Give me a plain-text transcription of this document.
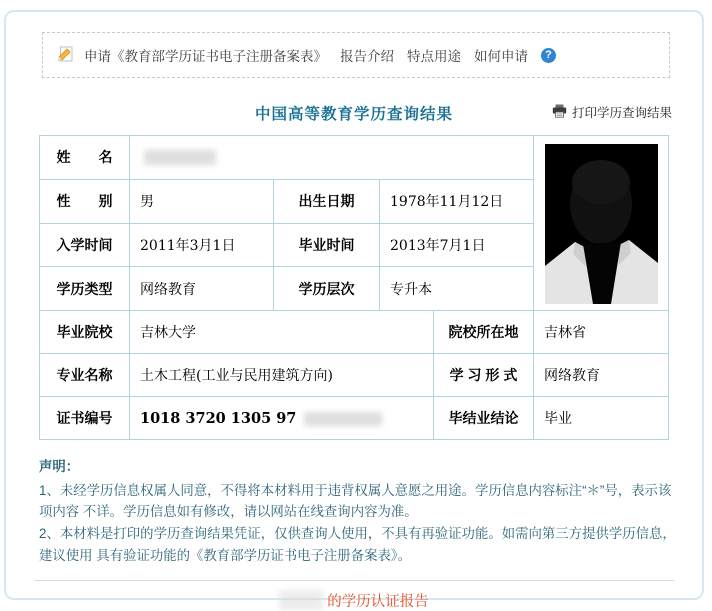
申请《教育部学历证书电子注册备案表》 报告介绍 特点用途 如何申请	?
中国高等教育学历查询结果	打印学历查询结果
姓　　名		
性　　别	男	出生日期	1978年11月12日		
入学时间	2011年3月1日	毕业时间	2013年7月1日		
学历类型	网络教育	学历层次	专升本		
毕业院校	吉林大学			院校所在地	吉林省
专业名称	土木工程(工业与民用建筑方向)			学 习 形 式	网络教育
证书编号	1018 3720 1305 97			毕结业结论	毕业
声明：

1、未经学历信息权属人同意，不得将本材料用于违背权属人意愿之用途。学历信息内容标注“＊”号，表示该项内容 不详。学历信息如有修改，请以网站在线查询内容为准。

2、本材料是打印的学历查询结果凭证，仅供查询人使用，不具有再验证功能。如需向第三方提供学历信息，建议使用 具有验证功能的《教育部学历证书电子注册备案表》。

的学历认证报告
